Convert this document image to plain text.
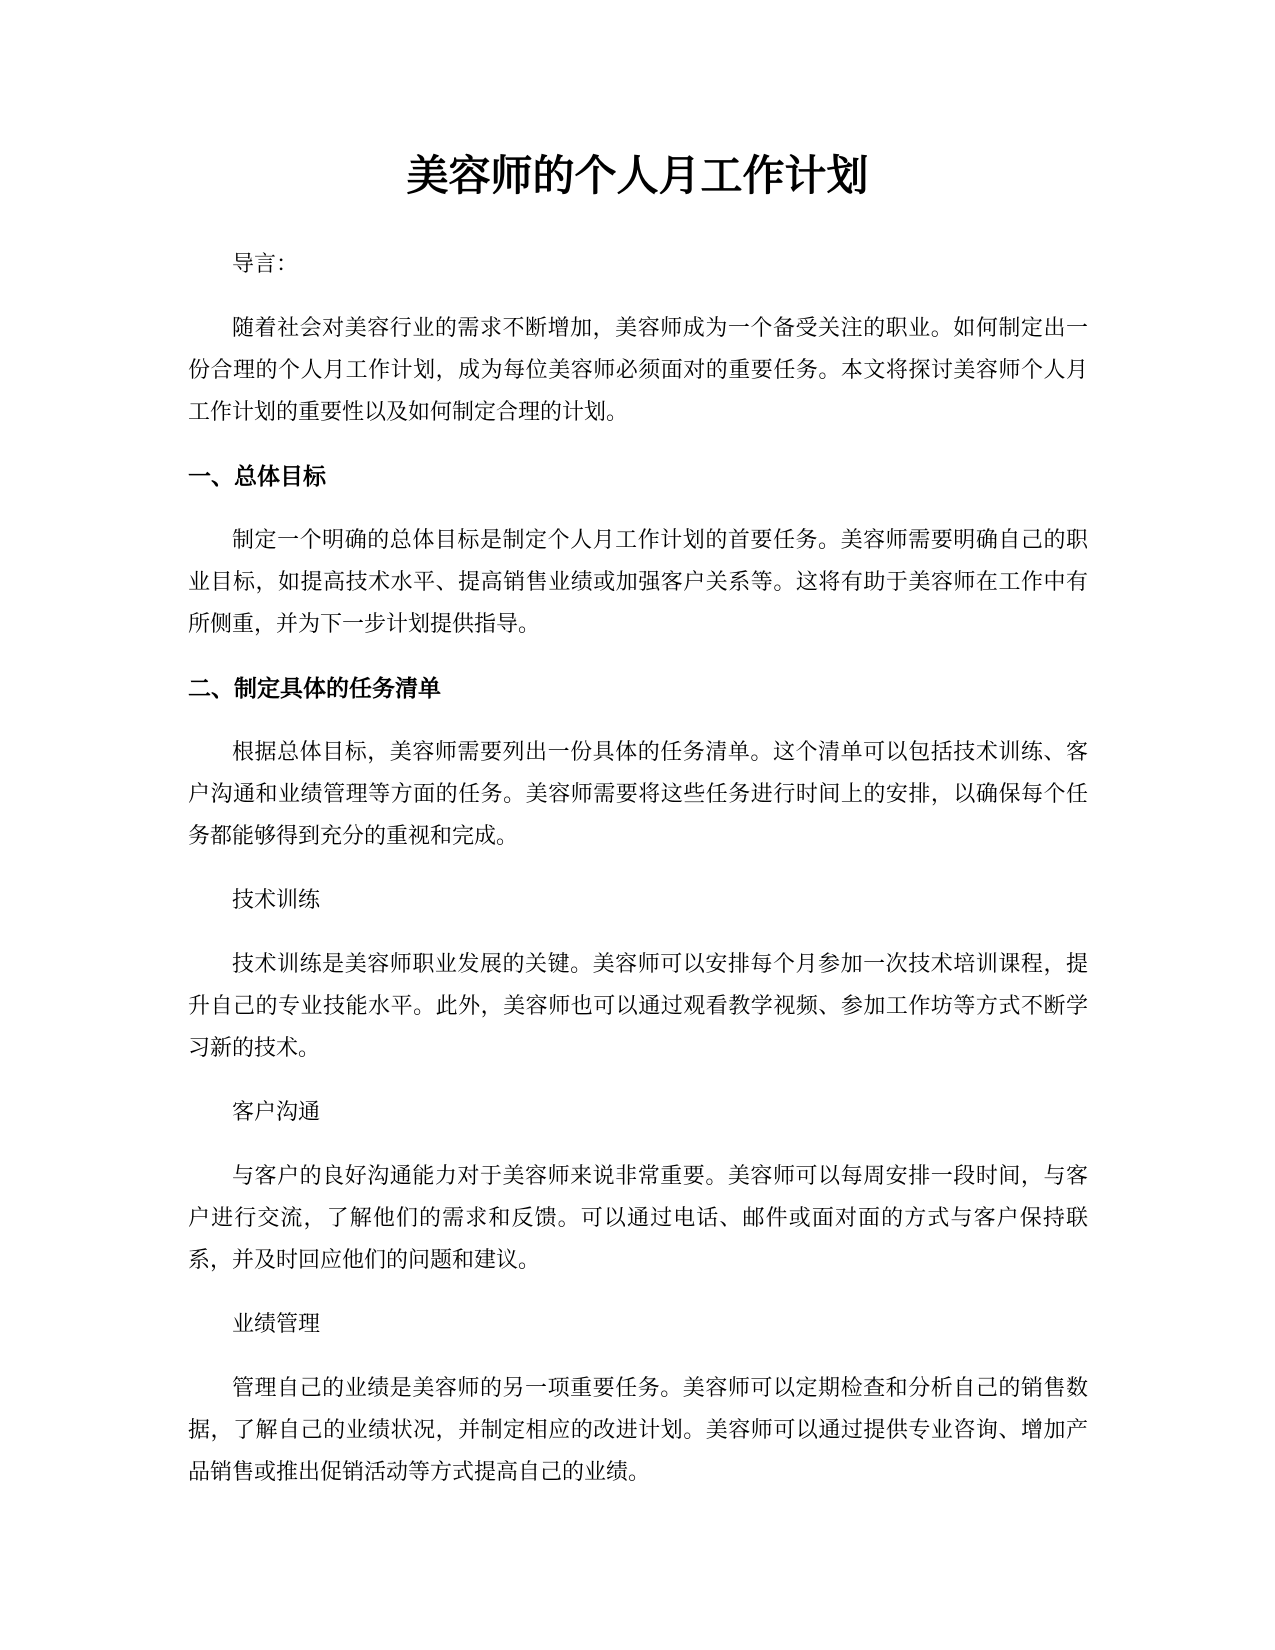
美容师的个人月工作计划

导言：

随着社会对美容行业的需求不断增加，美容师成为一个备受关注的职业。如何制定出一份合理的个人月工作计划，成为每位美容师必须面对的重要任务。本文将探讨美容师个人月工作计划的重要性以及如何制定合理的计划。

一、总体目标

制定一个明确的总体目标是制定个人月工作计划的首要任务。美容师需要明确自己的职业目标，如提高技术水平、提高销售业绩或加强客户关系等。这将有助于美容师在工作中有所侧重，并为下一步计划提供指导。

二、制定具体的任务清单

根据总体目标，美容师需要列出一份具体的任务清单。这个清单可以包括技术训练、客户沟通和业绩管理等方面的任务。美容师需要将这些任务进行时间上的安排，以确保每个任务都能够得到充分的重视和完成。

技术训练

技术训练是美容师职业发展的关键。美容师可以安排每个月参加一次技术培训课程，提升自己的专业技能水平。此外，美容师也可以通过观看教学视频、参加工作坊等方式不断学习新的技术。

客户沟通

与客户的良好沟通能力对于美容师来说非常重要。美容师可以每周安排一段时间，与客户进行交流，了解他们的需求和反馈。可以通过电话、邮件或面对面的方式与客户保持联系，并及时回应他们的问题和建议。

业绩管理

管理自己的业绩是美容师的另一项重要任务。美容师可以定期检查和分析自己的销售数据，了解自己的业绩状况，并制定相应的改进计划。美容师可以通过提供专业咨询、增加产品销售或推出促销活动等方式提高自己的业绩。
